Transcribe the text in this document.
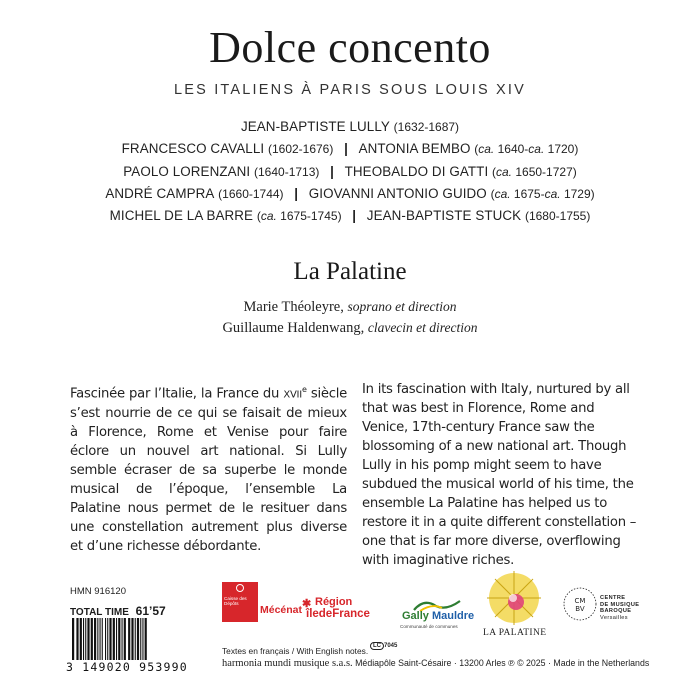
Dolce concento
LES ITALIENS À PARIS SOUS LOUIS XIV
JEAN-BAPTISTE LULLY (1632-1687)
FRANCESCO CAVALLI (1602-1676) | ANTONIA BEMBO (ca. 1640-ca. 1720)
PAOLO LORENZANI (1640-1713) | THEOBALDO DI GATTI (ca. 1650-1727)
ANDRÉ CAMPRA (1660-1744) | GIOVANNI ANTONIO GUIDO (ca. 1675-ca. 1729)
MICHEL DE LA BARRE (ca. 1675-1745) | JEAN-BAPTISTE STUCK (1680-1755)
La Palatine
Marie Théoleyre, soprano et direction
Guillaume Haldenwang, clavecin et direction
Fascinée par l’Italie, la France du XVIIe siècle s’est nourrie de ce qui se faisait de mieux à Florence, Rome et Venise pour faire éclore un nouvel art national. Si Lully semble écraser de sa superbe le monde musical de l’époque, l’ensemble La Palatine nous permet de le resituer dans une constellation autrement plus diverse et d’une richesse débordante.
In its fascination with Italy, nurtured by all that was best in Florence, Rome and Venice, 17th-century France saw the blossoming of a new national art. Though Lully in his pomp might seem to have subdued the musical world of his time, the ensemble La Palatine has helped us to restore it in a quite different constellation – one that is far more diverse, overflowing with imaginative riches.
HMN 916120
TOTAL TIME 61’57
3 149020 953990
Caisse des Dépôts
Mécénat ✱ Région
îledeFrance	Gally Mauldre
Communauté de communes
LA PALATINE
CM
BV
CENTRE
DE MUSIQUE
BAROQUE
Versailles
Textes en français / With English notes. LC 7045
harmonia mundi musique s.a.s. Médiapôle Saint-Césaire · 13200 Arles ℗ © 2025 · Made in the Netherlands
